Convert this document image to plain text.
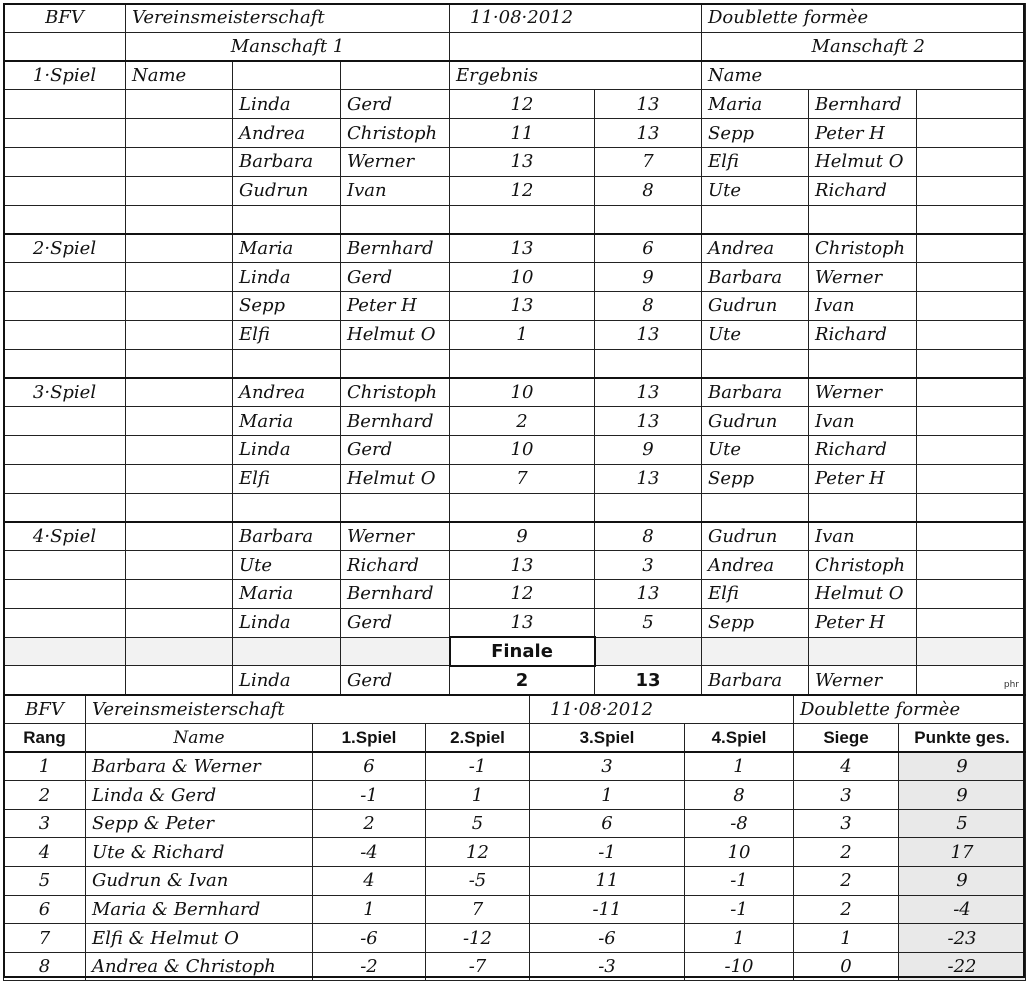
BFV	Vereinsmeisterschaft			11·08·2012		Doublette formèe		
	Manschaft 1					Manschaft 2		
1·Spiel	Name			Ergebnis		Name		
		Linda	Gerd	12	13	Maria	Bernhard	
		Andrea	Christoph	11	13	Sepp	Peter H	
		Barbara	Werner	13	7	Elfi	Helmut O	
		Gudrun	Ivan	12	8	Ute	Richard	

2·Spiel		Maria	Bernhard	13	6	Andrea	Christoph	
		Linda	Gerd	10	9	Barbara	Werner	
		Sepp	Peter H	13	8	Gudrun	Ivan	
		Elfi	Helmut O	1	13	Ute	Richard	

3·Spiel		Andrea	Christoph	10	13	Barbara	Werner	
		Maria	Bernhard	2	13	Gudrun	Ivan	
		Linda	Gerd	10	9	Ute	Richard	
		Elfi	Helmut O	7	13	Sepp	Peter H	

4·Spiel		Barbara	Werner	9	8	Gudrun	Ivan	
		Ute	Richard	13	3	Andrea	Christoph	
		Maria	Bernhard	12	13	Elfi	Helmut O	
		Linda	Gerd	13	5	Sepp	Peter H	
				Finale				
		Linda	Gerd	2	13	Barbara	Werner	phr
BFV	Vereinsmeisterschaft			11·08·2012		Doublette formèe	
Rang	Name	1.Spiel	2.Spiel	3.Spiel	4.Spiel	Siege	Punkte ges.
1	Barbara & Werner	6	-1	3	1	4	9
2	Linda & Gerd	-1	1	1	8	3	9
3	Sepp & Peter	2	5	6	-8	3	5
4	Ute & Richard	-4	12	-1	10	2	17
5	Gudrun & Ivan	4	-5	11	-1	2	9
6	Maria & Bernhard	1	7	-11	-1	2	-4
7	Elfi & Helmut O	-6	-12	-6	1	1	-23
8	Andrea & Christoph	-2	-7	-3	-10	0	-22
